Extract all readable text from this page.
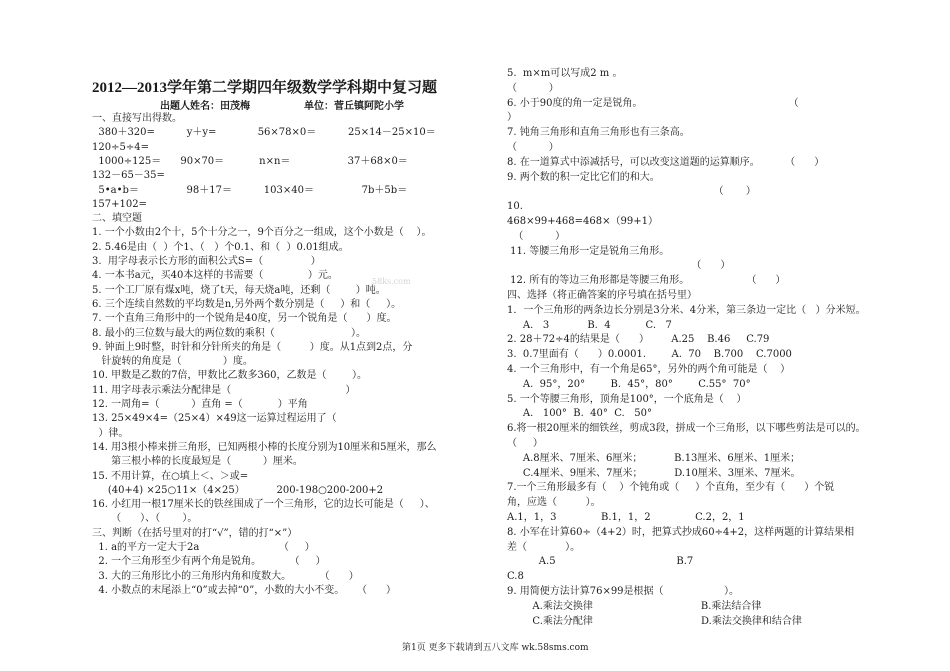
2012—2013学年第二学期四年级数学学科期中复习题
出题人姓名：田茂梅	单位：菅丘镇阿陀小学
一、直接写出得数。
380＋320=          y＋y=             56×78×0＝          25×14－25×10＝
120÷5÷4=
1000÷125＝      90×70＝           n×n＝                  37＋68×0＝
132－65－35=
5•a•b＝               98＋17＝          103×40＝               7b＋5b＝
157+102=
二、填空题
1. 一个小数由2个十，5个十分之一，9个百分之一组成，这个小数是（    ）。
2. 5.46是由（  ）个1、（   ）个0.1、和（  ）0.01组成。
3.  用字母表示长方形的面积公式S=（               ）
4. 一本书a元，买40本这样的书需要（              ）元。
5. 一个工厂原有煤x吨，烧了t天，每天烧a吨，还剩（        ）吨。
6. 三个连续自然数的平均数是n,另外两个数分别是（     ）和（     ）。
7. 一个直角三角形中的一个锐角是40度，另一个锐角是（      ）度。
8. 最小的三位数与最大的两位数的乘积（                        ）。
9. 钟面上9时整，时针和分针所夹的角是（         ）度。从1点到2点，分
针旋转的角度是（             ）度。
10. 甲数是乙数的7倍，甲数比乙数多360，乙数是（        ）。
11. 用字母表示乘法分配律是（                                    ）
12. 一周角=（          ）直角 =（           ）平角
13. 25×49×4=（25×4）×49这一运算过程运用了（
）律。
14. 用3根小棒来拼三角形，已知两根小棒的长度分别为10厘米和5厘米，那么
第三根小棒的长度最短是（          ）厘米。
15. 不用计算，在○填上＜、＞或=
(40+4) ×25○11×（4×25）          200-198○200-200+2
16. 小红用一根17厘米长的铁丝围成了一个三角形，它的边长可能是（     ）、
（      ）、（       ）。
三、判断（在括号里对的打“√”，错的打“×”）
1. a的平方一定大于2a                         （     ）
2. 一个三角形至少有两个角是锐角。         （     ）
3. 大的三角形比小的三角形内角和度数大。         （      ）
4. 小数点的末尾添上“0”或去掉“0”，小数的大小不变。    （      ）
5.  m×m可以写成2 m 。
（          ）
6. 小于90度的角一定是锐角。                                              （
）
7. 钝角三角形和直角三角形也有三条高。
（          ）
8. 在一道算式中添减括号，可以改变这道题的运算顺序。        （      ）
9. 两个数的积一定比它们的和大。
（       ）
10.
468×99+468=468×（99+1）
（          ）
11. 等腰三角形一定是锐角三角形。
（      ）
12. 所有的等边三角形都是等腰三角形。                  （      ）
四、选择（将正确答案的序号填在括号里）
1．一个三角形的两条边长分别是3分米、4分米，第三条边一定比（   ）分米短。
A.   3            B.  4           C.   7
2. 28＋72÷4的结果是（      ）       A.25    B.46     C.79
3.  0.7里面有（      ）0.0001.        A.  70    B.700    C.7000
4. 一个三角形中，有一个角是65°，另外的两个角可能是（    ）
A.  95°，20°        B.  45°，80°        C.55°  70°
5. 一个等腰三角形，顶角是100°，一个底角是（    ）
A.   100°  B.  40°  C.   50°
6.将一根20厘米的细铁丝，剪成3段，拼成一个三角形，以下哪些剪法是可以的。
（     ）
A.8厘米、7厘米、6厘米；          B.13厘米、6厘米、1厘米；
C.4厘米、9厘米、7厘米；          D.10厘米、3厘米、7厘米。
7.一个三角形最多有（    ）个钝角或（     ）个直角，至少有（      ）个锐
角，应选（         ）。
A.1，1，3              B.1，1，2              C.2，2，1
8. 小军在计算60÷（4+2）时，把算式抄成60÷4+2，这样两题的计算结果相
差（            ）。
A.5                                      B.7
C.8
9. 用简便方法计算76×99是根据（                   ）。
A.乘法交换律                                  B.乘法结合律
C.乘法分配律                                  D.乘法交换律和结合律
58ks.com
第1页 更多下载请到五八文库 wk.58sms.com
